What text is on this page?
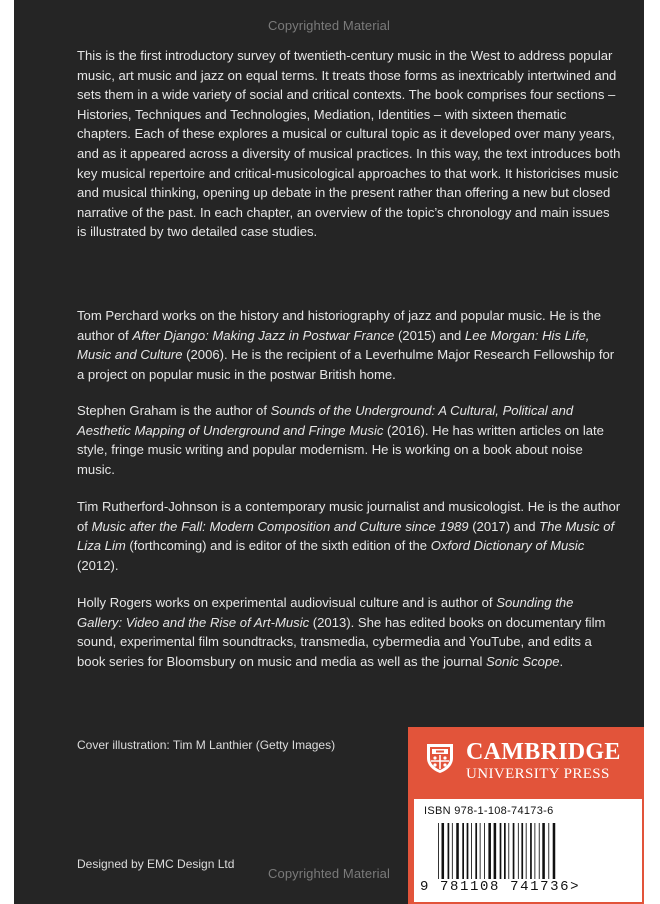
Copyrighted Material

This is the first introductory survey of twentieth-century music in the West to address popular music, art music and jazz on equal terms. It treats those forms as inextricably intertwined and sets them in a wide variety of social and critical contexts. The book comprises four sections – Histories, Techniques and Technologies, Mediation, Identities – with sixteen thematic chapters. Each of these explores a musical or cultural topic as it developed over many years, and as it appeared across a diversity of musical practices. In this way, the text introduces both key musical repertoire and critical-musicological approaches to that work. It historicises music and musical thinking, opening up debate in the present rather than offering a new but closed narrative of the past. In each chapter, an overview of the topic’s chronology and main issues is illustrated by two detailed case studies.

Tom Perchard works on the history and historiography of jazz and popular music. He is the author of After Django: Making Jazz in Postwar France (2015) and Lee Morgan: His Life, Music and Culture (2006). He is the recipient of a Leverhulme Major Research Fellowship for a project on popular music in the postwar British home.

Stephen Graham is the author of Sounds of the Underground: A Cultural, Political and Aesthetic Mapping of Underground and Fringe Music (2016). He has written articles on late style, fringe music writing and popular modernism. He is working on a book about noise music.

Tim Rutherford-Johnson is a contemporary music journalist and musicologist. He is the author of Music after the Fall: Modern Composition and Culture since 1989 (2017) and The Music of Liza Lim (forthcoming) and is editor of the sixth edition of the Oxford Dictionary of Music (2012).

Holly Rogers works on experimental audiovisual culture and is author of Sounding the Gallery: Video and the Rise of Art-Music (2013). She has edited books on documentary film sound, experimental film soundtracks, transmedia, cybermedia and YouTube, and edits a book series for Bloomsbury on music and media as well as the journal Sonic Scope.

Cover illustration: Tim M Lanthier (Getty Images)
Designed by EMC Design Ltd
Copyrighted Material
CAMBRIDGE
UNIVERSITY PRESS
ISBN 978-1-108-74173-6
9 781108 741736>
